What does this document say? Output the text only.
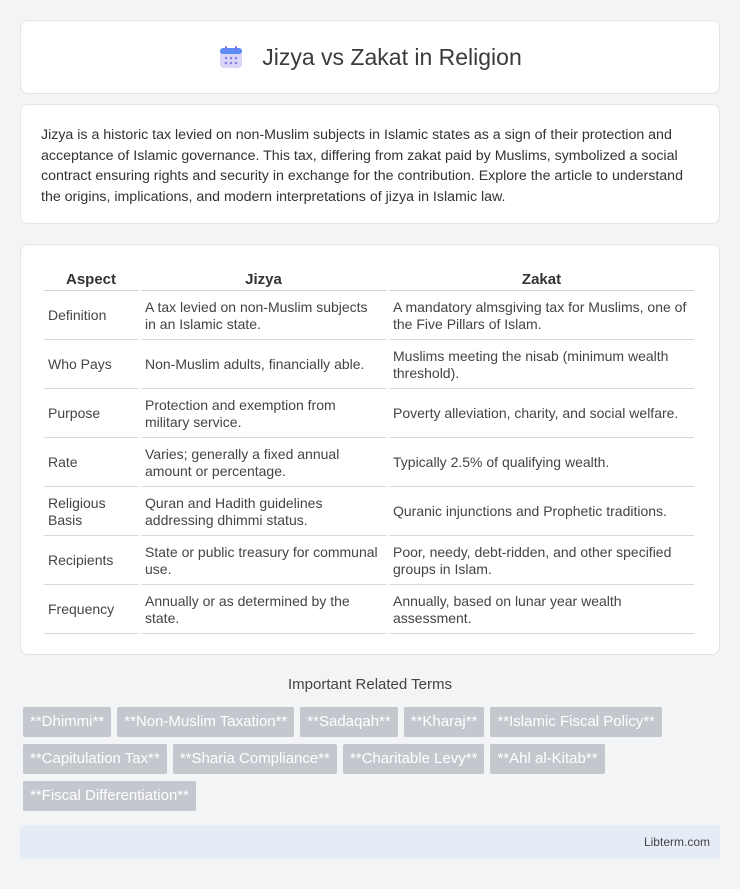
Jizya vs Zakat in Religion

Jizya is a historic tax levied on non-Muslim subjects in Islamic states as a sign of their protection and acceptance of Islamic governance. This tax, differing from zakat paid by Muslims, symbolized a social contract ensuring rights and security in exchange for the contribution. Explore the article to understand the origins, implications, and modern interpretations of jizya in Islamic law.

Aspect	Jizya	Zakat
Definition	A tax levied on non-Muslim subjects in an Islamic state.	A mandatory almsgiving tax for Muslims, one of the Five Pillars of Islam.
Who Pays	Non-Muslim adults, financially able.	Muslims meeting the nisab (minimum wealth threshold).
Purpose	Protection and exemption from military service.	Poverty alleviation, charity, and social welfare.
Rate	Varies; generally a fixed annual amount or percentage.	Typically 2.5% of qualifying wealth.
Religious Basis	Quran and Hadith guidelines addressing dhimmi status.	Quranic injunctions and Prophetic traditions.
Recipients	State or public treasury for communal use.	Poor, needy, debt-ridden, and other specified groups in Islam.
Frequency	Annually or as determined by the state.	Annually, based on lunar year wealth assessment.
Important Related Terms
**Dhimmi**	**Non-Muslim Taxation**	**Sadaqah**	**Kharaj**	**Islamic Fiscal Policy**
**Capitulation Tax**	**Sharia Compliance**	**Charitable Levy**	**Ahl al-Kitab**
**Fiscal Differentiation**
Libterm.com
